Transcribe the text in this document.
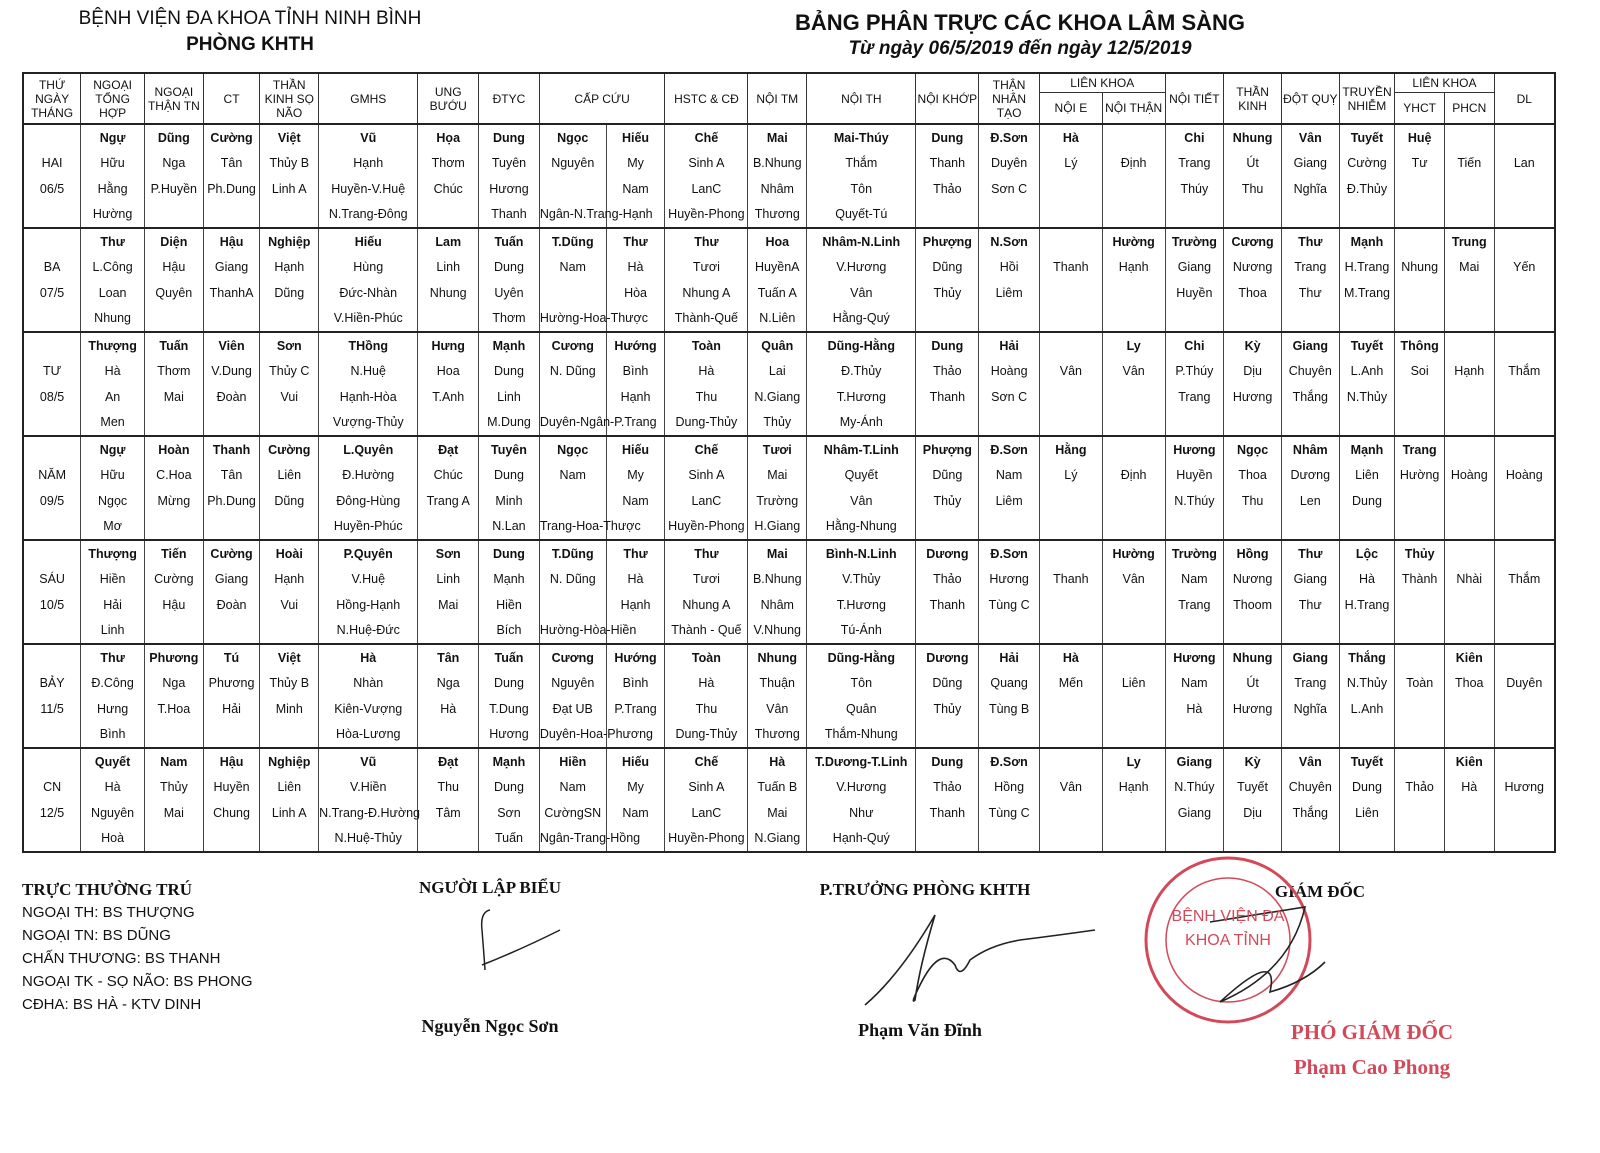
BỆNH VIỆN ĐA KHOA TỈNH NINH BÌNH
PHÒNG KHTH
BẢNG PHÂN TRỰC CÁC KHOA LÂM SÀNG
Từ ngày 06/5/2019 đến ngày 12/5/2019
THỨ NGÀY THÁNG	NGOẠI TỔNG HỢP	NGOẠI THẬN TN	CT	THẦN KINH SỌ NÃO	GMHS	UNG BƯỚU	ĐTYC	CẤP CỨU		HSTC & CĐ	NỘI TM	NỘI TH	NỘI KHỚP	THẬN NHÂN TẠO	LIÊN KHOA		NỘI TIẾT	THẦN KINH	ĐỘT QUỴ	TRUYỀN NHIỄM	LIÊN KHOA		DL
															NỘI E	NỘI THẬN					YHCT	PHCN	
	Ngự	Dũng	Cường	Việt	Vũ	Họa	Dung	Ngọc	Hiếu	Chế	Mai	Mai-Thúy	Dung	Đ.Sơn	Hà		Chi	Nhung	Vân	Tuyết	Huệ		
HAI	Hữu	Nga	Tân	Thủy B	Hạnh	Thơm	Tuyên	Nguyên	My	Sinh A	B.Nhung	Thắm	Thanh	Duyên	Lý	Định	Trang	Út	Giang	Cường	Tư	Tiến	Lan
06/5	Hằng	P.Huyền	Ph.Dung	Linh A	Huyền-V.Huệ	Chúc	Hương		Nam	LanC	Nhâm	Tôn	Thảo	Sơn C			Thúy	Thu	Nghĩa	Đ.Thủy			
	Hường				N.Trang-Đông		Thanh	Ngân-N.Trang-Hạnh		Huyền-Phong	Thương	Quyết-Tú											
	Thư	Diện	Hậu	Nghiệp	Hiếu	Lam	Tuấn	T.Dũng	Thư	Thư	Hoa	Nhâm-N.Linh	Phượng	N.Sơn		Hường	Trường	Cương	Thư	Mạnh		Trung	
BA	L.Công	Hậu	Giang	Hạnh	Hùng	Linh	Dung	Nam	Hà	Tươi	HuyềnA	V.Hương	Dũng	Hồi	Thanh	Hạnh	Giang	Nương	Trang	H.Trang	Nhung	Mai	Yến
07/5	Loan	Quyên	ThanhA	Dũng	Đức-Nhàn	Nhung	Uyên		Hòa	Nhung A	Tuấn A	Vân	Thủy	Liêm			Huyền	Thoa	Thư	M.Trang			
	Nhung				V.Hiền-Phúc		Thơm	Hường-Hoa-Thược		Thành-Quế	N.Liên	Hằng-Quý											
	Thượng	Tuấn	Viên	Sơn	THồng	Hưng	Mạnh	Cương	Hướng	Toàn	Quân	Dũng-Hằng	Dung	Hải		Ly	Chi	Kỳ	Giang	Tuyết	Thông		
TƯ	Hà	Thơm	V.Dung	Thủy C	N.Huệ	Hoa	Dung	N. Dũng	Bình	Hà	Lai	Đ.Thủy	Thảo	Hoàng	Vân	Vân	P.Thúy	Dịu	Chuyên	L.Anh	Soi	Hạnh	Thắm
08/5	An	Mai	Đoàn	Vui	Hạnh-Hòa	T.Anh	Linh		Hạnh	Thu	N.Giang	T.Hương	Thanh	Sơn C			Trang	Hương	Thắng	N.Thủy			
	Men				Vượng-Thủy		M.Dung	Duyên-Ngân-P.Trang		Dung-Thủy	Thủy	My-Ánh											
	Ngự	Hoàn	Thanh	Cường	L.Quyên	Đạt	Tuyên	Ngọc	Hiếu	Chế	Tươi	Nhâm-T.Linh	Phượng	Đ.Sơn	Hằng		Hương	Ngọc	Nhâm	Mạnh	Trang		
NĂM	Hữu	C.Hoa	Tân	Liên	Đ.Hường	Chúc	Dung	Nam	My	Sinh A	Mai	Quyết	Dũng	Nam	Lý	Định	Huyền	Thoa	Dương	Liên	Hường	Hoàng	Hoàng
09/5	Ngọc	Mừng	Ph.Dung	Dũng	Đông-Hùng	Trang A	Minh		Nam	LanC	Trường	Vân	Thủy	Liêm			N.Thúy	Thu	Len	Dung			
	Mơ				Huyền-Phúc		N.Lan	Trang-Hoa-Thược		Huyền-Phong	H.Giang	Hằng-Nhung											
	Thượng	Tiến	Cường	Hoài	P.Quyên	Sơn	Dung	T.Dũng	Thư	Thư	Mai	Bình-N.Linh	Dương	Đ.Sơn		Hường	Trường	Hồng	Thư	Lộc	Thủy		
SÁU	Hiền	Cường	Giang	Hạnh	V.Huệ	Linh	Mạnh	N. Dũng	Hà	Tươi	B.Nhung	V.Thủy	Thảo	Hương	Thanh	Vân	Nam	Nương	Giang	Hà	Thành	Nhài	Thắm
10/5	Hải	Hậu	Đoàn	Vui	Hồng-Hạnh	Mai	Hiền		Hạnh	Nhung A	Nhâm	T.Hương	Thanh	Tùng C			Trang	Thoom	Thư	H.Trang			
	Linh				N.Huệ-Đức		Bích	Hường-Hòa-Hiền		Thành - Quế	V.Nhung	Tú-Ánh											
	Thư	Phương	Tú	Việt	Hà	Tân	Tuấn	Cương	Hướng	Toàn	Nhung	Dũng-Hằng	Dương	Hải	Hà		Hương	Nhung	Giang	Thắng		Kiên	
BẢY	Đ.Công	Nga	Phương	Thủy B	Nhàn	Nga	Dung	Nguyên	Bình	Hà	Thuận	Tôn	Dũng	Quang	Mến	Liên	Nam	Út	Trang	N.Thủy	Toàn	Thoa	Duyên
11/5	Hưng	T.Hoa	Hải	Minh	Kiên-Vượng	Hà	T.Dung	Đạt UB	P.Trang	Thu	Vân	Quân	Thủy	Tùng B			Hà	Hương	Nghĩa	L.Anh			
	Bình				Hòa-Lương		Hương	Duyên-Hoa-Phương		Dung-Thủy	Thương	Thắm-Nhung											
	Quyết	Nam	Hậu	Nghiệp	Vũ	Đạt	Mạnh	Hiền	Hiếu	Chế	Hà	T.Dương-T.Linh	Dung	Đ.Sơn		Ly	Giang	Kỳ	Vân	Tuyết		Kiên	
CN	Hà	Thủy	Huyền	Liên	V.Hiền	Thu	Dung	Nam	My	Sinh A	Tuấn B	V.Hương	Thảo	Hồng	Vân	Hạnh	N.Thúy	Tuyết	Chuyên	Dung	Thảo	Hà	Hương
12/5	Nguyên	Mai	Chung	Linh A	N.Trang-Đ.Hường	Tâm	Sơn	CườngSN	Nam	LanC	Mai	Như	Thanh	Tùng C			Giang	Dịu	Thắng	Liên			
	Hoà				N.Huệ-Thủy		Tuấn	Ngân-Trang-Hồng		Huyền-Phong	N.Giang	Hạnh-Quý											
TRỰC THƯỜNG TRÚ
NGOẠI TH: BS THƯỢNG
NGOẠI TN: BS DŨNG
CHẤN THƯƠNG: BS THANH
NGOẠI TK - SỌ NÃO: BS PHONG
CĐHA: BS HÀ - KTV DINH
NGƯỜI LẬP BIỂU
Nguyễn Ngọc Sơn
P.TRƯỞNG PHÒNG KHTH
Phạm Văn Đĩnh
GIÁM ĐỐC
BỆNH VIỆN ĐA KHOA TỈNH
PHÓ GIÁM ĐỐC
Phạm Cao Phong
